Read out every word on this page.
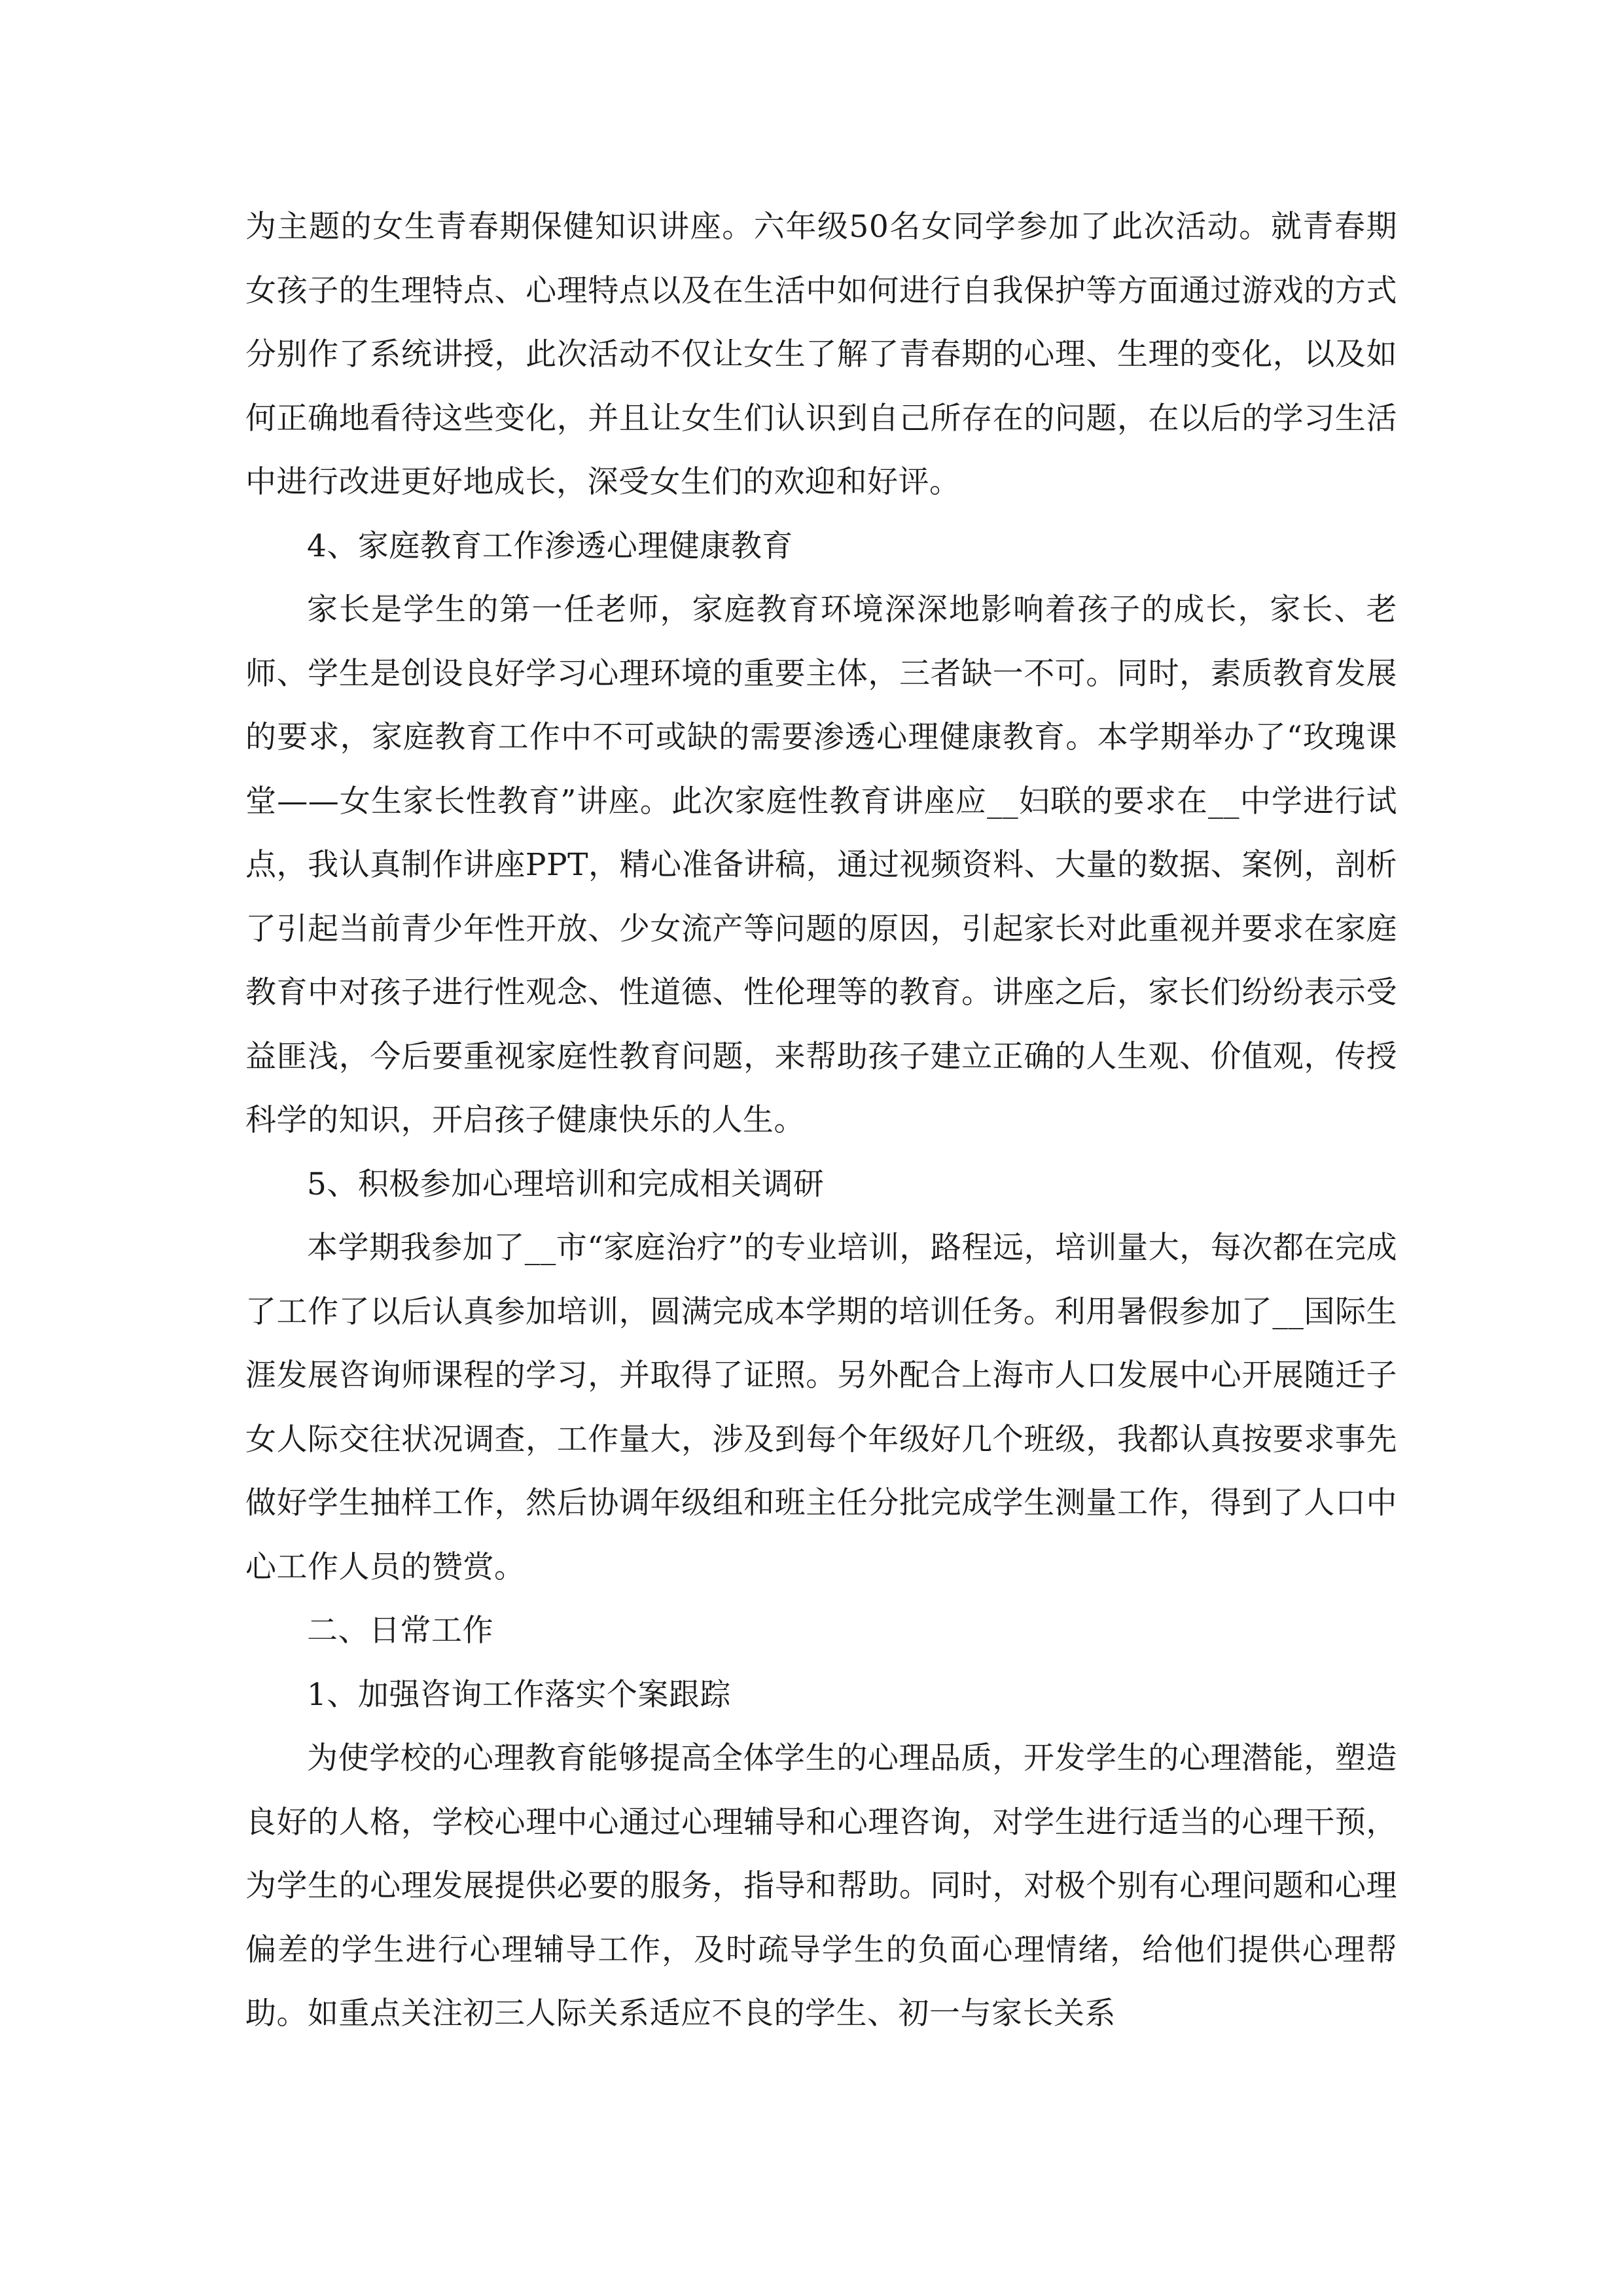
为主题的女生青春期保健知识讲座。六年级50名女同学参加了此次活动。就青春期女孩子的生理特点、心理特点以及在生活中如何进行自我保护等方面通过游戏的方式分别作了系统讲授，此次活动不仅让女生了解了青春期的心理、生理的变化，以及如何正确地看待这些变化，并且让女生们认识到自己所存在的问题，在以后的学习生活中进行改进更好地成长，深受女生们的欢迎和好评。

4、家庭教育工作渗透心理健康教育

家长是学生的第一任老师，家庭教育环境深深地影响着孩子的成长，家长、老师、学生是创设良好学习心理环境的重要主体，三者缺一不可。同时，素质教育发展的要求，家庭教育工作中不可或缺的需要渗透心理健康教育。本学期举办了“玫瑰课堂——女生家长性教育”讲座。此次家庭性教育讲座应__妇联的要求在__中学进行试点，我认真制作讲座PPT，精心准备讲稿，通过视频资料、大量的数据、案例，剖析了引起当前青少年性开放、少女流产等问题的原因，引起家长对此重视并要求在家庭教育中对孩子进行性观念、性道德、性伦理等的教育。讲座之后，家长们纷纷表示受益匪浅，今后要重视家庭性教育问题，来帮助孩子建立正确的人生观、价值观，传授科学的知识，开启孩子健康快乐的人生。

5、积极参加心理培训和完成相关调研

本学期我参加了__市“家庭治疗”的专业培训，路程远，培训量大，每次都在完成了工作了以后认真参加培训，圆满完成本学期的培训任务。利用暑假参加了__国际生涯发展咨询师课程的学习，并取得了证照。另外配合上海市人口发展中心开展随迁子女人际交往状况调查，工作量大，涉及到每个年级好几个班级，我都认真按要求事先做好学生抽样工作，然后协调年级组和班主任分批完成学生测量工作，得到了人口中心工作人员的赞赏。

二、日常工作

1、加强咨询工作落实个案跟踪

为使学校的心理教育能够提高全体学生的心理品质，开发学生的心理潜能，塑造良好的人格，学校心理中心通过心理辅导和心理咨询，对学生进行适当的心理干预，为学生的心理发展提供必要的服务，指导和帮助。同时，对极个别有心理问题和心理偏差的学生进行心理辅导工作，及时疏导学生的负面心理情绪，给他们提供心理帮助。如重点关注初三人际关系适应不良的学生、初一与家长关系
